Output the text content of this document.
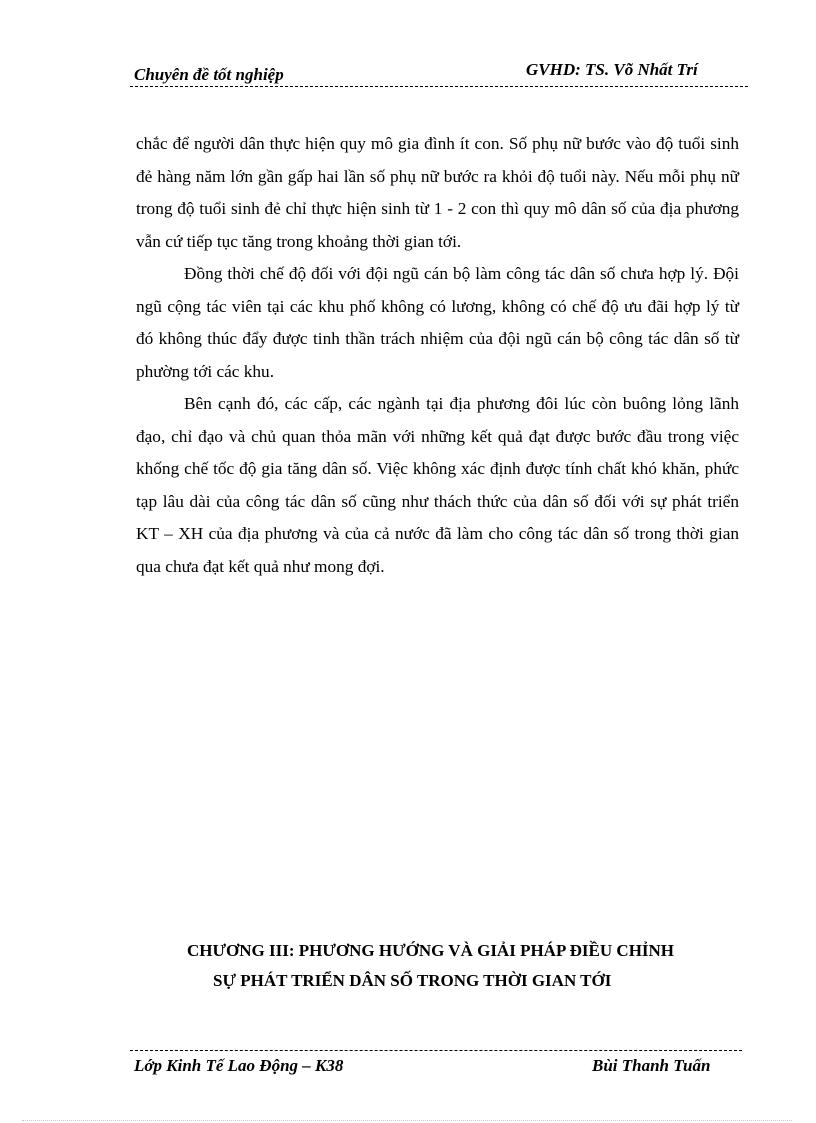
Chuyên đề tốt nghiệp	GVHD: TS. Võ Nhất Trí

chắc để người dân thực hiện quy mô gia đình ít con. Số phụ nữ bước vào độ tuổi sinh đẻ hàng năm lớn gần gấp hai lần số phụ nữ bước ra khỏi độ tuổi này. Nếu mỗi phụ nữ trong độ tuổi sinh đẻ chỉ thực hiện sinh từ 1 - 2 con thì quy mô dân số của địa phương vẫn cứ tiếp tục tăng trong khoảng thời gian tới.

Đồng thời chế độ đối với đội ngũ cán bộ làm công tác dân số chưa hợp lý. Đội ngũ cộng tác viên tại các khu phố không có lương, không có chế độ ưu đãi hợp lý từ đó không thúc đẩy được tinh thần trách nhiệm của đội ngũ cán bộ công tác dân số từ phường tới các khu.

Bên cạnh đó, các cấp, các ngành tại địa phương đôi lúc còn buông lỏng lãnh đạo, chỉ đạo và chủ quan thỏa mãn với những kết quả đạt được bước đầu trong việc khống chế tốc độ gia tăng dân số. Việc không xác định được tính chất khó khăn, phức tạp lâu dài của công tác dân số cũng như thách thức của dân số đối với sự phát triển KT – XH của địa phương và của cả nước đã làm cho công tác dân số trong thời gian qua chưa đạt kết quả như mong đợi.

CHƯƠNG III: PHƯƠNG HƯỚNG VÀ GIẢI PHÁP ĐIỀU CHỈNH
SỰ PHÁT TRIỂN DÂN SỐ TRONG THỜI GIAN TỚI
Lớp Kinh Tế Lao Động – K38	Bùi Thanh Tuấn
